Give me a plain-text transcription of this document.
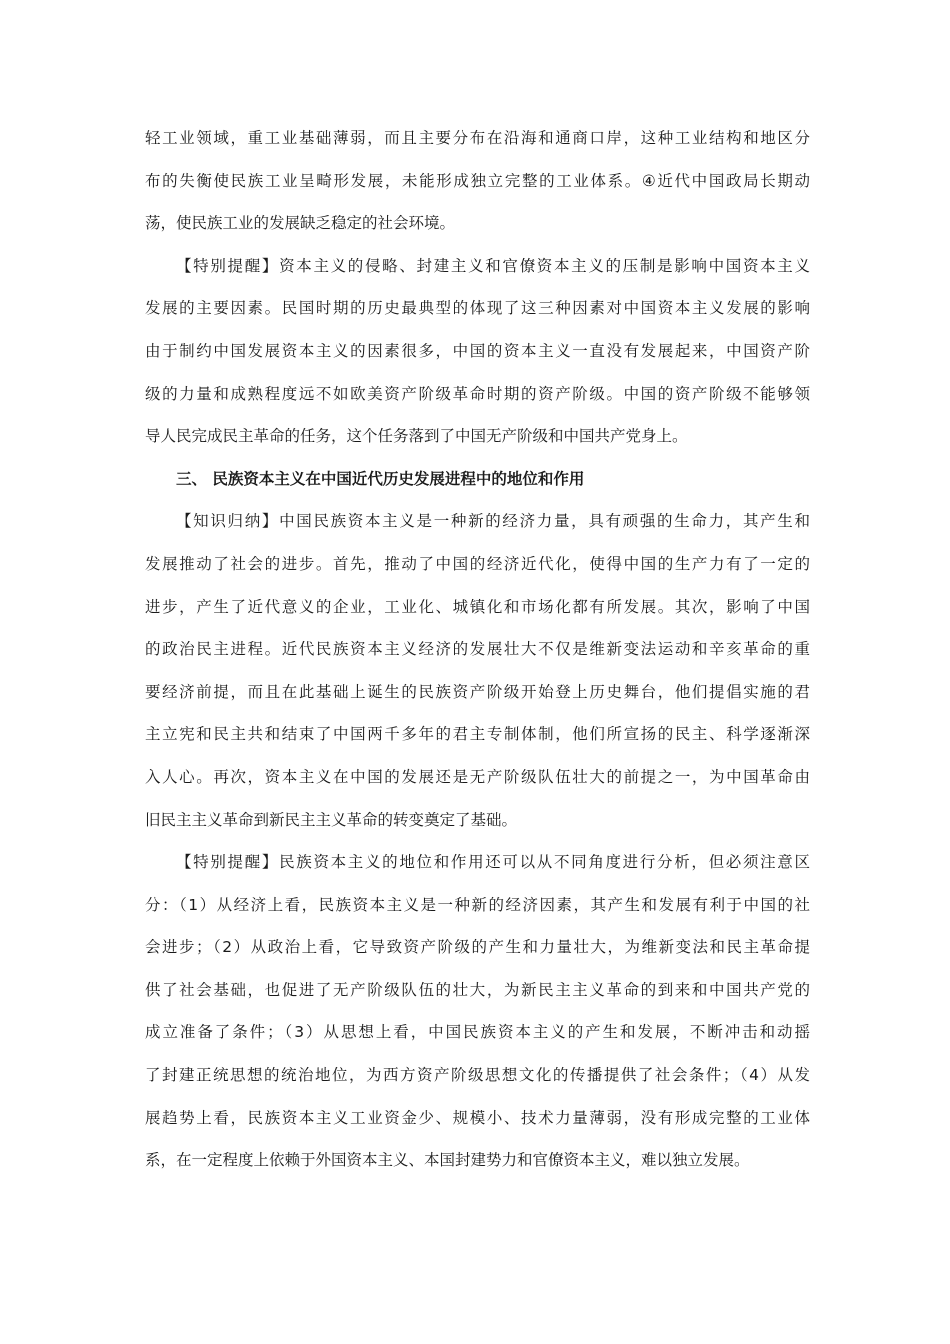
轻工业领域，重工业基础薄弱，而且主要分布在沿海和通商口岸，这种工业结构和地区分
布的失衡使民族工业呈畸形发展，未能形成独立完整的工业体系。④近代中国政局长期动
荡，使民族工业的发展缺乏稳定的社会环境。
【特别提醒】资本主义的侵略、封建主义和官僚资本主义的压制是影响中国资本主义
发展的主要因素。民国时期的历史最典型的体现了这三种因素对中国资本主义发展的影响
由于制约中国发展资本主义的因素很多，中国的资本主义一直没有发展起来，中国资产阶
级的力量和成熟程度远不如欧美资产阶级革命时期的资产阶级。中国的资产阶级不能够领
导人民完成民主革命的任务，这个任务落到了中国无产阶级和中国共产党身上。
三、 民族资本主义在中国近代历史发展进程中的地位和作用
【知识归纳】中国民族资本主义是一种新的经济力量，具有顽强的生命力，其产生和
发展推动了社会的进步。首先，推动了中国的经济近代化，使得中国的生产力有了一定的
进步，产生了近代意义的企业，工业化、城镇化和市场化都有所发展。其次，影响了中国
的政治民主进程。近代民族资本主义经济的发展壮大不仅是维新变法运动和辛亥革命的重
要经济前提，而且在此基础上诞生的民族资产阶级开始登上历史舞台，他们提倡实施的君
主立宪和民主共和结束了中国两千多年的君主专制体制，他们所宣扬的民主、科学逐渐深
入人心。再次，资本主义在中国的发展还是无产阶级队伍壮大的前提之一，为中国革命由
旧民主主义革命到新民主主义革命的转变奠定了基础。
【特别提醒】民族资本主义的地位和作用还可以从不同角度进行分析，但必须注意区
分：（1）从经济上看，民族资本主义是一种新的经济因素，其产生和发展有利于中国的社
会进步；（2）从政治上看，它导致资产阶级的产生和力量壮大，为维新变法和民主革命提
供了社会基础，也促进了无产阶级队伍的壮大，为新民主主义革命的到来和中国共产党的
成立准备了条件；（3）从思想上看，中国民族资本主义的产生和发展，不断冲击和动摇
了封建正统思想的统治地位，为西方资产阶级思想文化的传播提供了社会条件；（4）从发
展趋势上看，民族资本主义工业资金少、规模小、技术力量薄弱，没有形成完整的工业体
系，在一定程度上依赖于外国资本主义、本国封建势力和官僚资本主义，难以独立发展。
